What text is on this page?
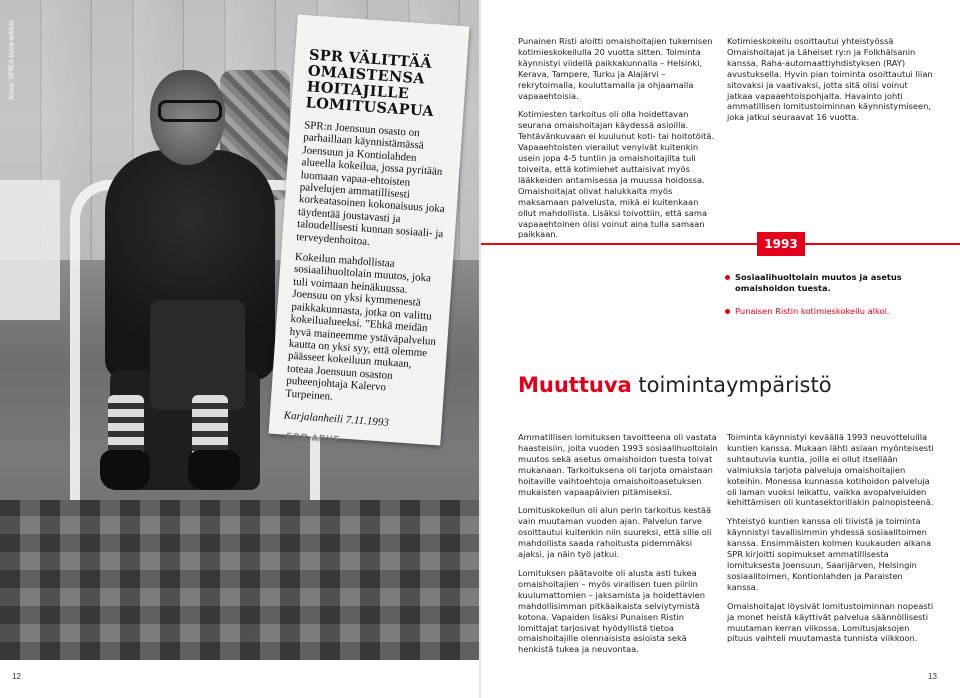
Kuva: SPR:n kuva-arkisto	SPR VÄLITTÄÄ OMAISTENSA HOITAJILLE LOMITUSAPUA

SPR:n Joensuun osasto on parhaillaan käynnistämässä Joensuun ja Kontiolahden alueella kokeilua, jossa pyritään luomaan vapaa-ehtoisten palvelujen ammatillisesti korkeatasoinen kokonaisuus joka täydentää joustavasti ja taloudellisesti kunnan sosiaali- ja terveydenhoitoa.

Kokeilun mahdollistaa sosiaalihuoltolain muutos, joka tuli voimaan heinäkuussa. Joensuu on yksi kymmenestä paikkakunnasta, jotka on valittu kokeilualueeksi. ”Ehkä meidän hyvä maineemme ystäväpalvelun kautta on yksi syy, että olemme päässeet kokeiluun mukaan, toteaa Joensuun osaston puheenjohtaja Kalervo Turpeinen.

Karjalanheili 7.11.1993
FOR ADVE
12

Punainen Risti aloitti omaishoitajien tukemisen kotimieskokeilulla 20 vuotta sitten. Toiminta käynnistyi viidellä paikkakunnalla – Helsinki, Kerava, Tampere, Turku ja Alajärvi – rekrytoimalla, kouluttamalla ja ohjaamalla vapaaehtoisia.

Kotimiesten tarkoitus oli olla hoidettavan seurana omaishoitajan käydessä asioilla. Tehtävänkuvaan ei kuulunut koti- tai hoitotöitä. Vapaaehtoisten vierailut venyivät kuitenkin usein jopa 4-5 tuntiin ja omaishoitajilta tuli toiveita, että kotimiehet auttaisivat myös lääkkeiden antamisessa ja muussa hoidossa. Omaishoitajat olivat halukkaita myös maksamaan palvelusta, mikä ei kuitenkaan ollut mahdollista. Lisäksi toivottiin, että sama vapaaehtoinen olisi voinut aina tulla samaan paikkaan.

Kotimieskokeilu osoittautui yhteistyössä Omaishoitajat ja Läheiset ry:n ja Folkhälsanin kanssa, Raha-automaattiyhdistyksen (RAY) avustuksella. Hyvin pian toiminta osoittautui liian sitovaksi ja vaativaksi, jotta sitä olisi voinut jatkaa vapaaehtoispohjalta. Havainto johti ammatillisen lomitustoiminnan käynnistymiseen, joka jatkui seuraavat 16 vuotta.

1993
Sosiaalihuoltolain muutos ja asetus omaishoidon tuesta.
Punaisen Ristin kotimieskokeilu alkoi.
Muuttuva toimintaympäristö

Ammatillisen lomituksen tavoitteena oli vastata haasteisiin, joita vuoden 1993 sosiaalihuoltolain muutos sekä asetus omaishoidon tuesta toivat mukanaan. Tarkoituksena oli tarjota omaistaan hoitaville vaihtoehtoja omaishoitoasetuksen mukaisten vapaapäivien pitämiseksi.

Lomituskokeilun oli alun perin tarkoitus kestää vain muutaman vuoden ajan. Palvelun tarve osoittautui kuitenkin niin suureksi, että sille oli mahdollista saada rahoitusta pidemmäksi ajaksi, ja näin työ jatkui.

Lomituksen päätavoite oli alusta asti tukea omaishoitajien – myös virallisen tuen piiriin kuulumattomien – jaksamista ja hoidettavien mahdollisimman pitkäaikaista selviytymistä kotona. Vapaiden lisäksi Punaisen Ristin lomittajat tarjosivat hyödyllistä tietoa omaishoitajille olennaisista asioista sekä henkistä tukea ja neuvontaa.

Toiminta käynnistyi keväällä 1993 neuvotteluilla kuntien kanssa. Mukaan lähti asiaan myönteisesti suhtautuvia kuntia, joilla ei ollut itsellään valmiuksia tarjota palveluja omaishoitajien koteihin. Monessa kunnassa kotihoidon palveluja oli laman vuoksi leikattu, vaikka avopalveluiden kehittämisen oli kuntasektorillakin painopisteenä.

Yhteistyö kuntien kanssa oli tiivistä ja toiminta käynnistyi tavallisimmin yhdessä sosiaalitoimen kanssa. Ensimmäisten kolmen kuukauden aikana SPR kirjoitti sopimukset ammatillisesta lomituksesta Joensuun, Saarijärven, Helsingin sosiaalitoimen, Kontionlahden ja Paraisten kanssa.

Omaishoitajat löysivät lomitustoiminnan nopeasti ja monet heistä käyttivät palvelua säännöllisesti muutaman kerran viikossa. Lomitusjaksojen pituus vaihteli muutamasta tunnista viikkoon.

13
